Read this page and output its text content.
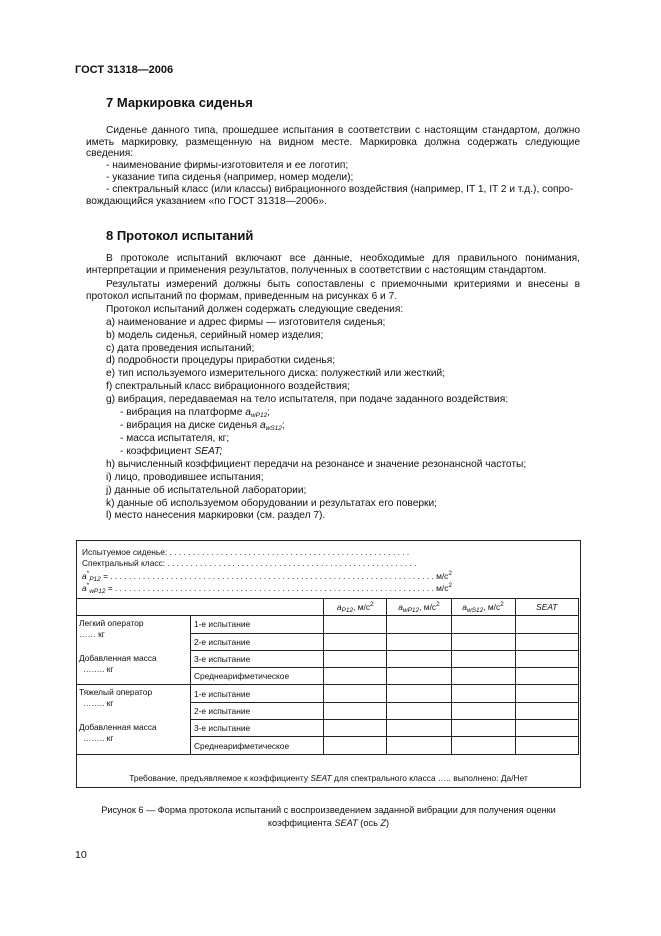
ГОСТ 31318—2006
7 Маркировка сиденья
Сиденье данного типа, прошедшее испытания в соответствии с настоящим стандартом, должно иметь маркировку, размещенную на видном месте. Маркировка должна содержать следующие сведения:
- наименование фирмы-изготовителя и ее логотип;
- указание типа сиденья (например, номер модели);
- спектральный класс (или классы) вибрационного воздействия (например, IT 1, IT 2 и т.д.), сопро-
вождающийся указанием «по ГОСТ 31318—2006».
8 Протокол испытаний
В протоколе испытаний включают все данные, необходимые для правильного понимания, интерпретации и применения результатов, полученных в соответствии с настоящим стандартом.
Результаты измерений должны быть сопоставлены с приемочными критериями и внесены в протокол испытаний по формам, приведенным на рисунках 6 и 7.
Протокол испытаний должен содержать следующие сведения:
a) наименование и адрес фирмы — изготовителя сиденья;
b) модель сиденья, серийный номер изделия;
c) дата проведения испытаний;
d) подробности процедуры приработки сиденья;
e) тип используемого измерительного диска: полужесткий или жесткий;
f) спектральный класс вибрационного воздействия;
g) вибрация, передаваемая на тело испытателя, при подаче заданного воздействия:
- вибрация на платформе $a_{wP12}$;
- вибрация на диске сиденья $a_{wS12}$;
- масса испытателя, кг;
- коэффициент SEAT;
h) вычисленный коэффициент передачи на резонансе и значение резонансной частоты;
i) лицо, проводившее испытания;
j) данные об испытательной лаборатории;
k) данные об используемом оборудовании и результатах его поверки;
l) место нанесения маркировки (см. раздел 7).
Испытуемое сиденье: . . . . . . . . . . . . . . . . . . . . . . . . . . . . . . . . . . . . . . . . . . . . . . . . . . . .
Спектральный класс: . . . . . . . . . . . . . . . . . . . . . . . . . . . . . . . . . . . . . . . . . . . . . . . . . . . . . .
$a^*_{P12}$ = . . . . . . . . . . . . . . . . . . . . . . . . . . . . . . . . . . . . . . . . . . . . . . . . . . . . . . . . . . . . . . . . . . . . . . $м/с^2$
$a^*_{wP12}$ = . . . . . . . . . . . . . . . . . . . . . . . . . . . . . . . . . . . . . . . . . . . . . . . . . . . . . . . . . . . . . . . . . . . . . $м/с^2$
		$a_{P12}$, $м/с^2$	$a_{wP12}$, $м/с^2$	$a_{wS12}$, $м/с^2$	SEAT

Легкий оператор
…… кг
Добавленная масса
…….. кг	1-е испытание				
	2-е испытание				
	3-е испытание				
	Среднеарифметическое				

Тяжелый оператор
…….. кг
Добавленная масса
…….. кг	1-е испытание				
	2-е испытание				
	3-е испытание				
	Среднеарифметическое				
Требование, предъявляемое к коэффициенту SEAT для спектрального класса ….. выполнено: Да/Нет
Рисунок 6 — Форма протокола испытаний с воспроизведением заданной вибрации для получения оценки
коэффициента SEAT (ось Z)
10
